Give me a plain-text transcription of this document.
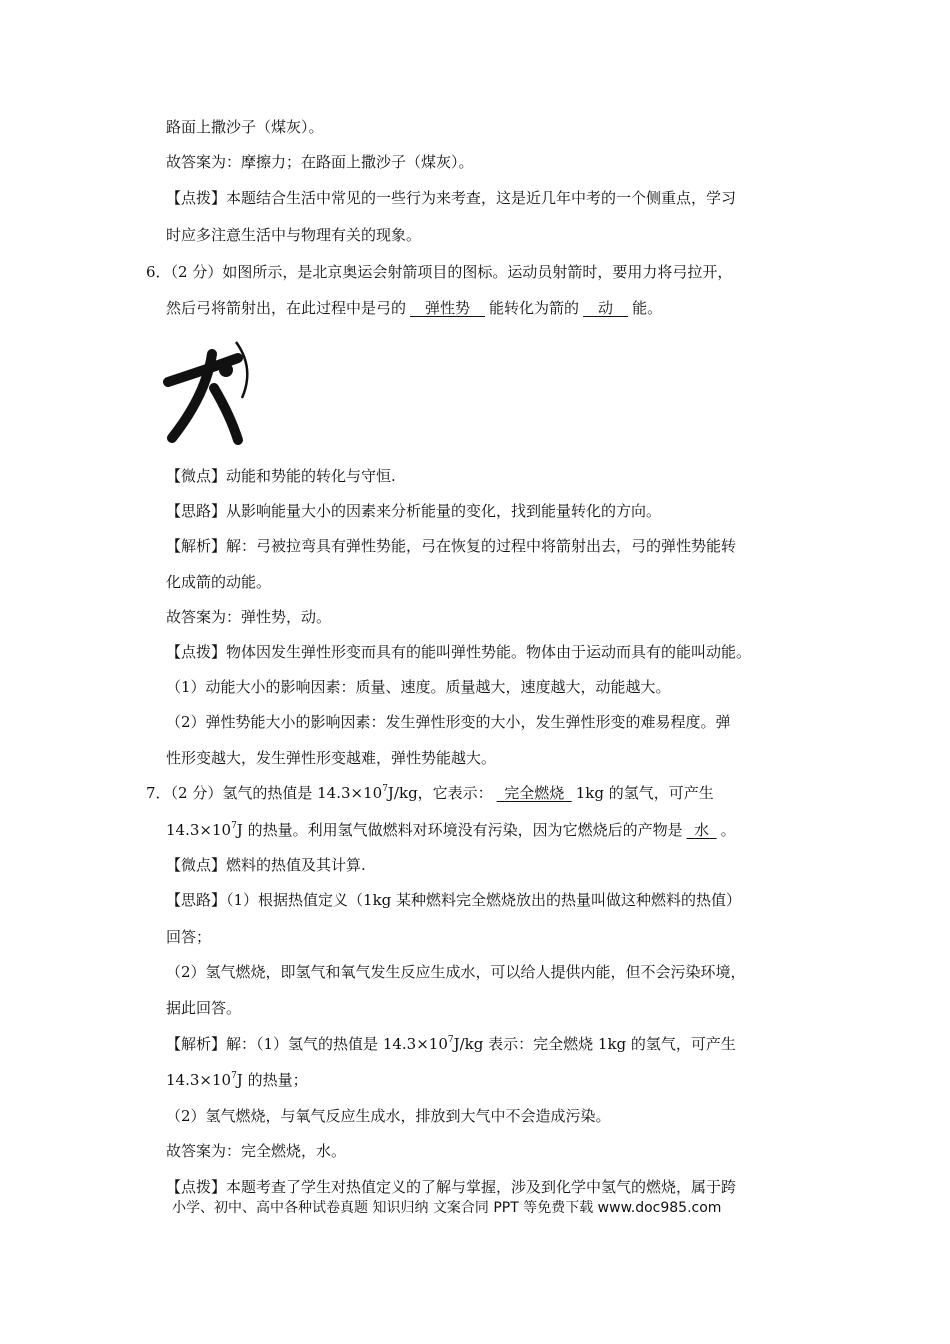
路面上撒沙子（煤灰）。
故答案为：摩擦力；在路面上撒沙子（煤灰）。
【点拨】本题结合生活中常见的一些行为来考查，这是近几年中考的一个侧重点，学习
时应多注意生活中与物理有关的现象。
6．（2 分）如图所示，是北京奥运会射箭项目的图标。运动员射箭时，要用力将弓拉开，
然后弓将箭射出，在此过程中是弓的  弹性势  能转化为箭的  动  能。
【微点】动能和势能的转化与守恒.
【思路】从影响能量大小的因素来分析能量的变化，找到能量转化的方向。
【解析】解：弓被拉弯具有弹性势能，弓在恢复的过程中将箭射出去，弓的弹性势能转
化成箭的动能。
故答案为：弹性势，动。
【点拨】物体因发生弹性形变而具有的能叫弹性势能。物体由于运动而具有的能叫动能。
（1）动能大小的影响因素：质量、速度。质量越大，速度越大，动能越大。
（2）弹性势能大小的影响因素：发生弹性形变的大小，发生弹性形变的难易程度。弹
性形变越大，发生弹性形变越难，弹性势能越大。
7．（2 分）氢气的热值是 $14.3\times 10^7J/kg$，它表示：  完全燃烧  1kg 的氢气，可产生
$14.3\times 10^7J$ 的热量。利用氢气做燃料对环境没有污染，因为它燃烧后的产物是  水  。
【微点】燃料的热值及其计算.
【思路】（1）根据热值定义（1kg 某种燃料完全燃烧放出的热量叫做这种燃料的热值）
回答；
（2）氢气燃烧，即氢气和氧气发生反应生成水，可以给人提供内能，但不会污染环境，
据此回答。
【解析】解：（1）氢气的热值是 $14.3\times 10^7J/kg$ 表示：完全燃烧 1kg 的氢气，可产生
$14.3\times 10^7J$ 的热量；
（2）氢气燃烧，与氧气反应生成水，排放到大气中不会造成污染。
故答案为：完全燃烧，水。
【点拨】本题考查了学生对热值定义的了解与掌握，涉及到化学中氢气的燃烧，属于跨
小学、初中、高中各种试卷真题 知识归纳 文案合同 PPT 等免费下载 www.doc985.com
